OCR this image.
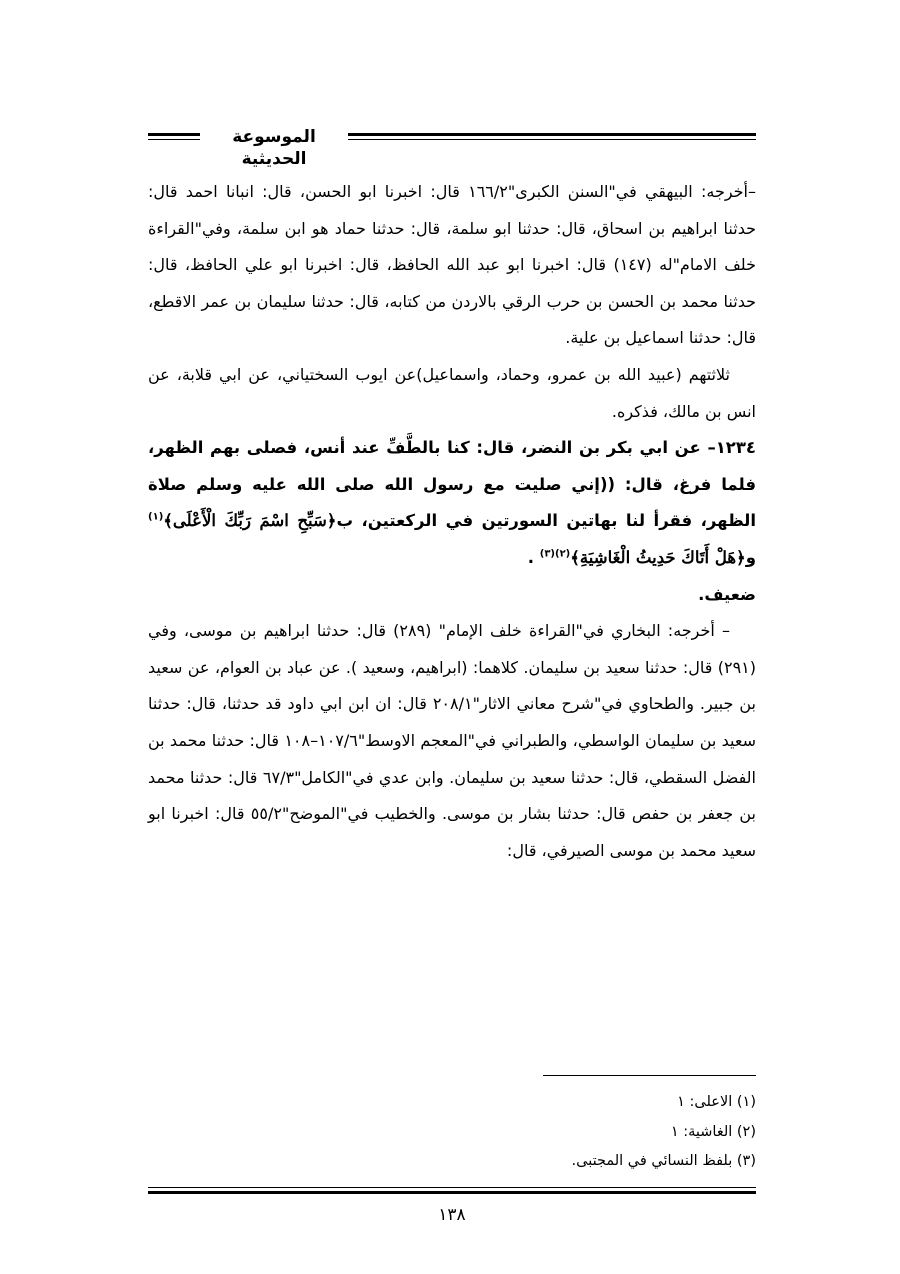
الموسوعة الحديثية

–أخرجه: البيهقي في"السنن الكبرى"١٦٦/٢ قال: اخبرنا ابو الحسن، قال: انبانا احمد قال: حدثنا ابراهيم بن اسحاق، قال: حدثنا ابو سلمة، قال: حدثنا حماد هو ابن سلمة، وفي"القراءة خلف الامام"له (١٤٧) قال: اخبرنا ابو عبد الله الحافظ، قال: اخبرنا ابو علي الحافظ، قال: حدثنا محمد بن الحسن بن حرب الرقي بالاردن من كتابه، قال: حدثنا سليمان بن عمر الاقطع، قال: حدثنا اسماعيل بن علية.

ثلاثتهم (عبيد الله بن عمرو، وحماد، واسماعيل)عن ايوب السختياني، عن ابي قلابة، عن انس بن مالك، فذكره.

١٢٣٤– عن ابي بكر بن النضر، قال: كنا بالطَّفِّ عند أنس، فصلى بهم الظهر، فلما فرغ، قال: ((إني صليت مع رسول الله صلى الله عليه وسلم صلاة الظهر، فقرأ لنا بهاتين السورتين في الركعتين، ب﴿سَبِّحِ اسْمَ رَبِّكَ الْأَعْلَى﴾$^{(١)}$ و﴿هَلْ أَتَاكَ حَدِيثُ الْغَاشِيَةِ﴾$^{(٢)(٣)}$ .

ضعيف.

– أخرجه: البخاري في"القراءة خلف الإمام" (٢٨٩) قال: حدثنا ابراهيم بن موسى، وفي (٢٩١) قال: حدثنا سعيد بن سليمان. كلاهما: (ابراهيم، وسعيد ). عن عباد بن العوام، عن سعيد بن جبير. والطحاوي في"شرح معاني الاثار"٢٠٨/١ قال: ان ابن ابي داود قد حدثنا، قال: حدثنا سعيد بن سليمان الواسطي، والطبراني في"المعجم الاوسط"١٠٧/٦–١٠٨ قال: حدثنا محمد بن الفضل السقطي، قال: حدثنا سعيد بن سليمان. وابن عدي في"الكامل"٦٧/٣ قال: حدثنا محمد بن جعفر بن حفص قال: حدثنا بشار بن موسى. والخطيب في"الموضح"٥٥/٢ قال: اخبرنا ابو سعيد محمد بن موسى الصيرفي، قال:

(١) الاعلى: ١
(٢) الغاشية: ١
(٣) بلفظ النسائي في المجتبى.
١٣٨
